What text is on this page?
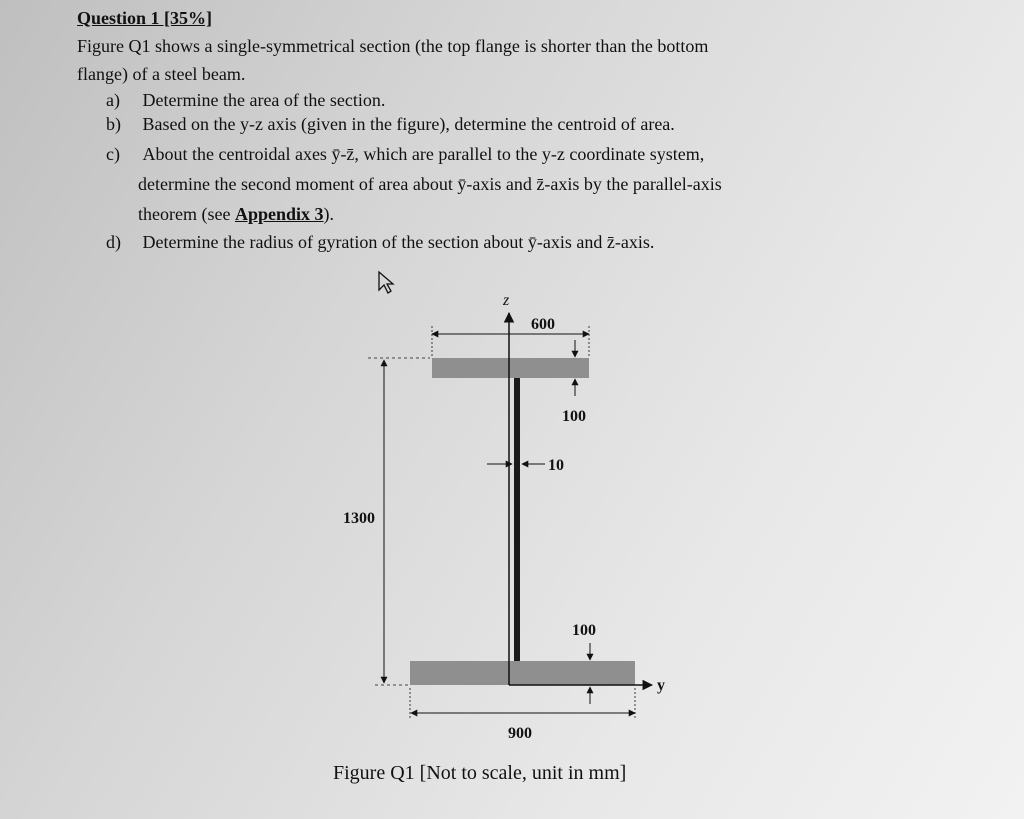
Question 1 [35%]
Figure Q1 shows a single-symmetrical section (the top flange is shorter than the bottom
flange) of a steel beam.
a) Determine the area of the section.
b) Based on the y-z axis (given in the figure), determine the centroid of area.
c) About the centroidal axes ȳ-z̄, which are parallel to the y-z coordinate system,
determine the second moment of area about ȳ-axis and z̄-axis by the parallel-axis
theorem (see Appendix 3).
d) Determine the radius of gyration of the section about ȳ-axis and z̄-axis.
z
y
600
100
10
1300
100
900
Figure Q1 [Not to scale, unit in mm]
